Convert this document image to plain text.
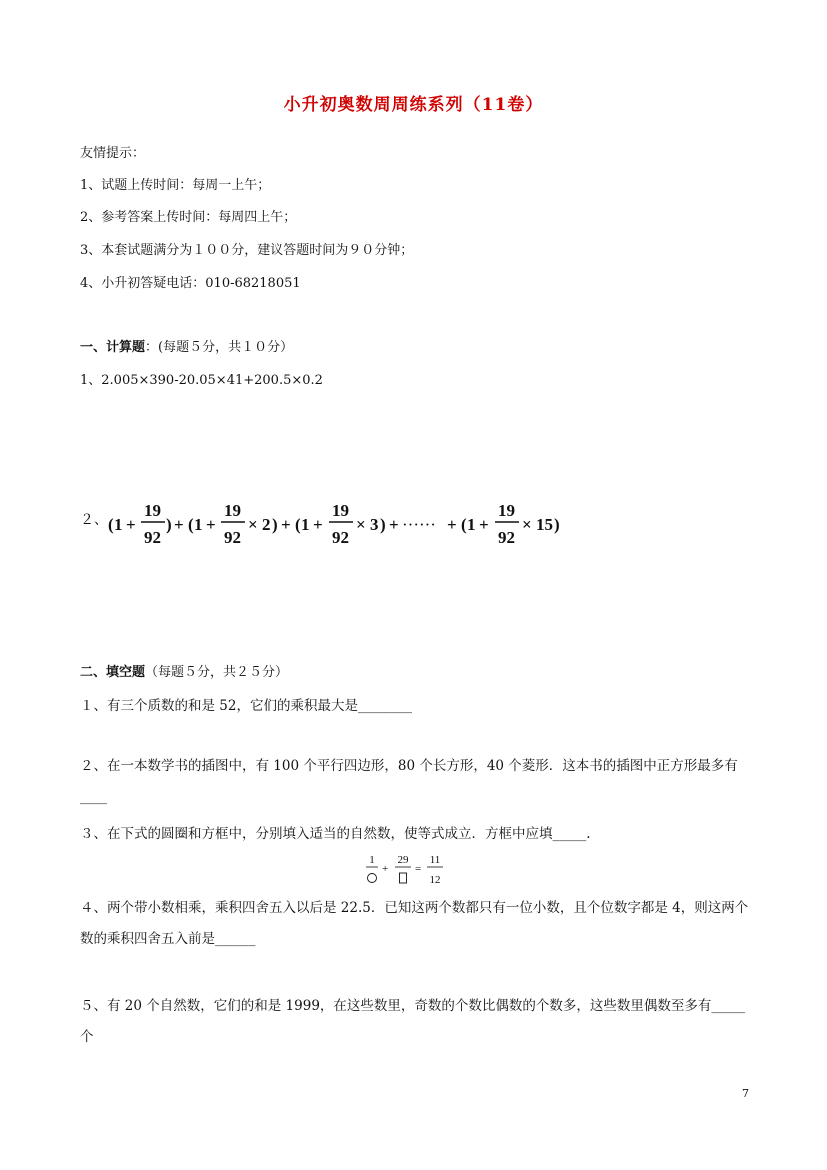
小升初奥数周周练系列（11卷）
友情提示：
1、试题上传时间：每周一上午；
2、参考答案上传时间：每周四上午；
3、本套试题满分为１００分，建议答题时间为９０分钟；
4、小升初答疑电话：010-68218051
一、计算题：(每题５分，共１０分）
1、2.005×390-20.05×41+200.5×0.2
２、 ( 1 +
19
92
) + ( 1 +
19
92
× 2 ) + ( 1 +
19
92
× 3 ) + ······ + ( 1 +
19
92
× 15 )
二、填空题（每题５分，共２５分）
１、有三个质数的和是 52，它们的乘积最大是________
２、在一本数学书的插图中，有 100 个平行四边形，80 个长方形，40 个菱形．这本书的插图中正方形最多有____
３、在下式的圆圈和方框中，分别填入适当的自然数，使等式成立．方框中应填_____.
1
+
29
=
11
12
４、两个带小数相乘，乘积四舍五入以后是 22.5．已知这两个数都只有一位小数，且个位数字都是 4，则这两个数的乘积四舍五入前是______
５、有 20 个自然数，它们的和是 1999，在这些数里，奇数的个数比偶数的个数多，这些数里偶数至多有_____个
7
